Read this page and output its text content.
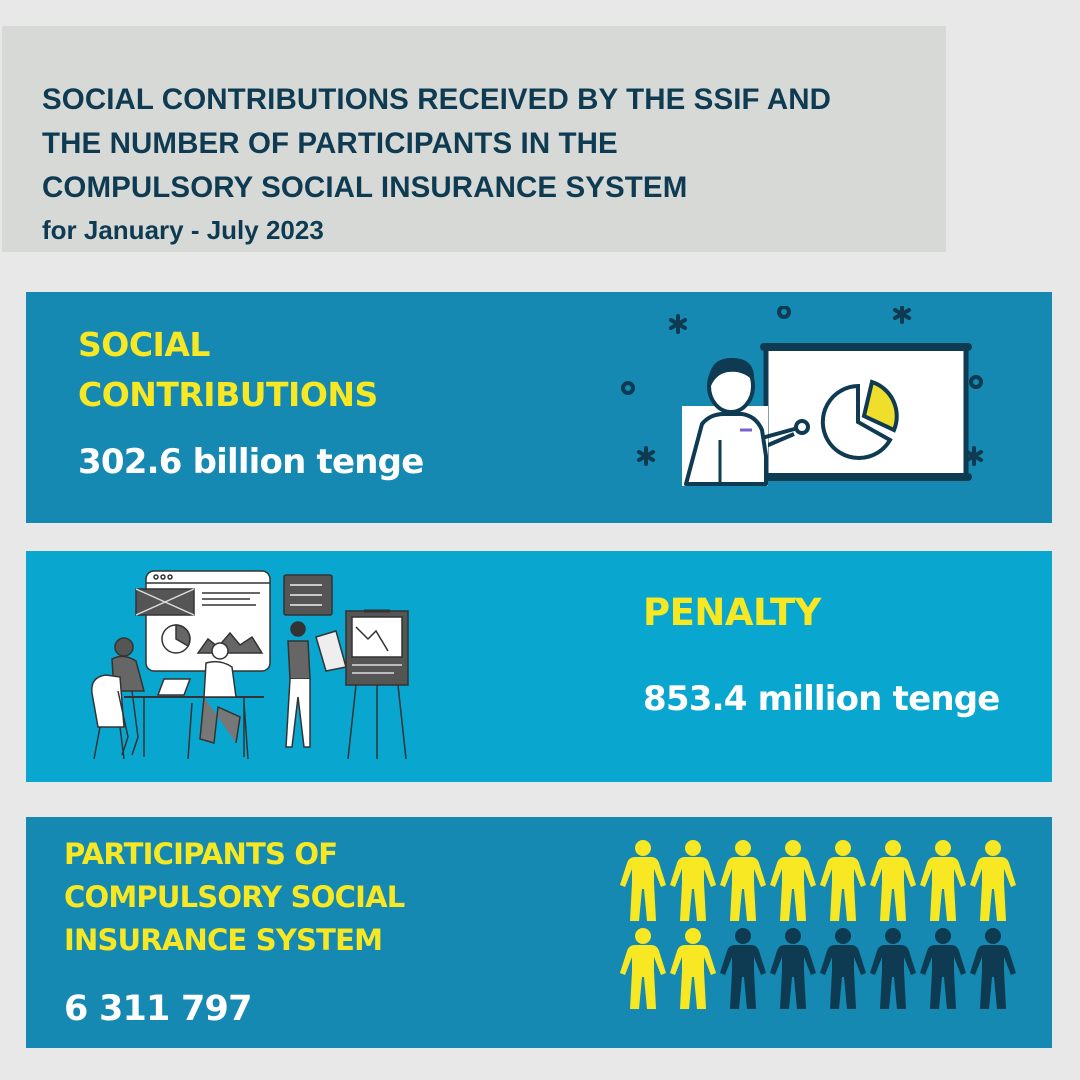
SOCIAL CONTRIBUTIONS RECEIVED BY THE SSIF AND
THE NUMBER OF PARTICIPANTS IN THE
COMPULSORY SOCIAL INSURANCE SYSTEM

for January - July 2023

SOCIAL
CONTRIBUTIONS

302.6 billion tenge

PENALTY

853.4 million tenge

PARTICIPANTS OF
COMPULSORY SOCIAL
INSURANCE SYSTEM

6 311 797
